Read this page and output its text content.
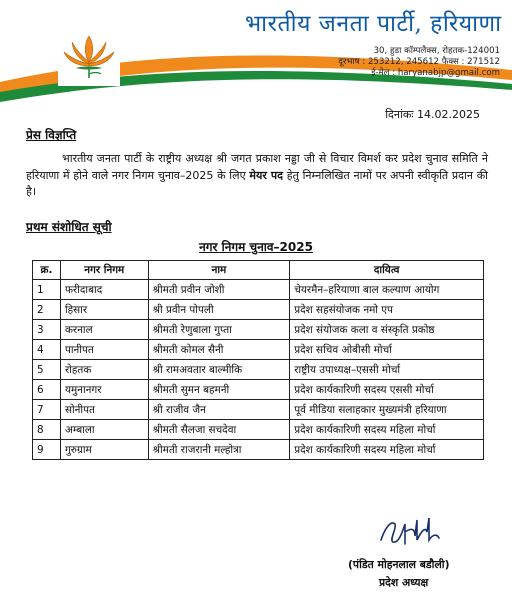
भारतीय जनता पार्टी, हरियाणा
30, हुडा कॉम्पलैक्स, रोहतक-124001
दूरभाष : 253212, 245612 फैक्स : 271512
ई-मेल : haryanabjp@gmail.com
दिनांकः 14.02.2025
प्रेस विज्ञप्ति

भारतीय जनता पार्टी के राष्ट्रीय अध्यक्ष श्री जगत प्रकाश नड्डा जी से विचार विमर्श कर प्रदेश चुनाव समिति ने हरियाणा में होने वाले नगर निगम चुनाव–2025 के लिए मेयर पद हेतु निम्नलिखित नामों पर अपनी स्वीकृति प्रदान की है।

प्रथम संशोधित सूची
नगर निगम चुनाव–2025
क्र.	नगर निगम	नाम	दायित्व
1	फरीदाबाद	श्रीमती प्रवीन जोशी	चेयरमैन–हरियाणा बाल कल्याण आयोग
2	हिसार	श्री प्रवीन पोपली	प्रदेश सहसंयोजक नमो एप
3	करनाल	श्रीमती रेणुबाला गुप्ता	प्रदेश संयोजक कला व संस्कृति प्रकोष्ठ
4	पानीपत	श्रीमती कोमल सैनी	प्रदेश सचिव ओबीसी मोर्चा
5	रोहतक	श्री रामअवतार बाल्मीकि	राष्ट्रीय उपाध्यक्ष–एससी मोर्चा
6	यमुनानगर	श्रीमती सुमन बहमनी	प्रदेश कार्यकारिणी सदस्य एससी मोर्चा
7	सोनीपत	श्री राजीव जैन	पूर्व मीडिया सलाहकार मुख्यमंत्री हरियाणा
8	अम्बाला	श्रीमती सैलजा सचदेवा	प्रदेश कार्यकारिणी सदस्य महिला मोर्चा
9	गुरुग्राम	श्रीमती राजरानी मल्होत्रा	प्रदेश कार्यकारिणी सदस्य महिला मोर्चा
(पंडित मोहनलाल बडौली)
प्रदेश अध्यक्ष
